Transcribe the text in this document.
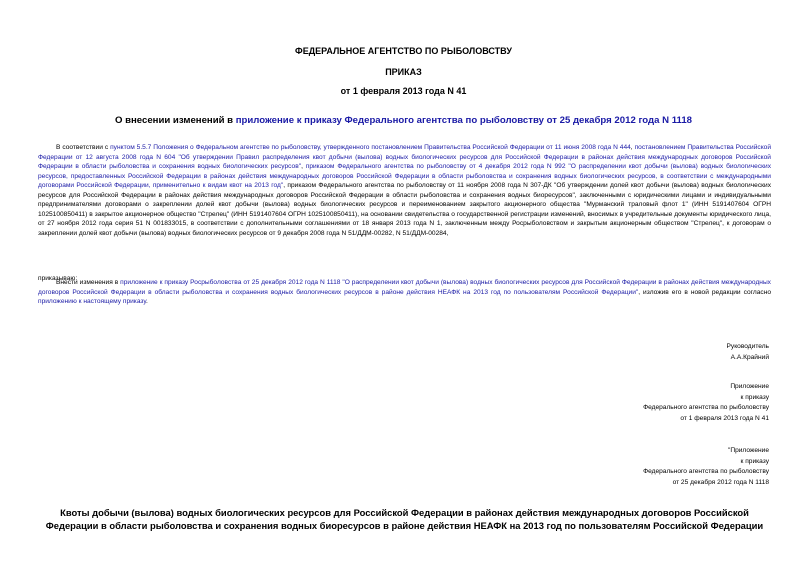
ФЕДЕРАЛЬНОЕ АГЕНТСТВО ПО РЫБОЛОВСТВУ
ПРИКАЗ
от 1 февраля 2013 года N 41
О внесении изменений в приложение к приказу Федерального агентства по рыболовству от 25 декабря 2012 года N 1118
В соответствии с пунктом 5.5.7 Положения о Федеральном агентстве по рыболовству, утвержденного постановлением Правительства Российской Федерации от 11 июня 2008 года N 444, постановлением Правительства Российской Федерации от 12 августа 2008 года N 604 "Об утверждении Правил распределения квот добычи (вылова) водных биологических ресурсов для Российской Федерации в районах действия международных договоров Российской Федерации в области рыболовства и сохранения водных биологических ресурсов", приказом Федерального агентства по рыболовству от 4 декабря 2012 года N 992 "О распределении квот добычи (вылова) водных биологических ресурсов, предоставленных Российской Федерации в районах действия международных договоров Российской Федерации в области рыболовства и сохранения водных биологических ресурсов, в соответствии с международными договорами Российской Федерации, применительно к видам квот на 2013 год", приказом Федерального агентства по рыболовству от 11 ноября 2008 года N 307-ДК "Об утверждении долей квот добычи (вылова) водных биологических ресурсов для Российской Федерации в районах действия международных договоров Российской Федерации в области рыболовства и сохранения водных биоресурсов", заключенными с юридическими лицами и индивидуальными предпринимателями договорами о закреплении долей квот добычи (вылова) водных биологических ресурсов и переименованием закрытого акционерного общества "Мурманский траловый флот 1" (ИНН 5191407604 ОГРН 1025100850411) в закрытое акционерное общество "Стрелец" (ИНН 5191407604 ОГРН 1025100850411), на основании свидетельства о государственной регистрации изменений, вносимых в учредительные документы юридического лица, от 27 ноября 2012 года серия 51 N 001833015, в соответствии с дополнительными соглашениями от 18 января 2013 года N 1, заключенным между Росрыболовством и закрытым акционерным обществом "Стрелец", к договорам о закреплении долей квот добычи (вылова) водных биологических ресурсов от 9 декабря 2008 года N 51/ДДМ-00282, N 51/ДДМ-00284,
приказываю:
Внести изменения в приложение к приказу Росрыболовства от 25 декабря 2012 года N 1118 "О распределении квот добычи (вылова) водных биологических ресурсов для Российской Федерации в районах действия международных договоров Российской Федерации в области рыболовства и сохранения водных биологических ресурсов в районе действия НЕАФК на 2013 год по пользователям Российской Федерации", изложив его в новой редакции согласно приложению к настоящему приказу.
Руководитель
А.А.Крайний
Приложение
к приказу
Федерального агентства по рыболовству
от 1 февраля 2013 года N 41
"Приложение
к приказу
Федерального агентства по рыболовству
от 25 декабря 2012 года N 1118
Квоты добычи (вылова) водных биологических ресурсов для Российской Федерации в районах действия международных договоров Российской Федерации в области рыболовства и сохранения водных биоресурсов в районе действия НЕАФК на 2013 год по пользователям Российской Федерации
